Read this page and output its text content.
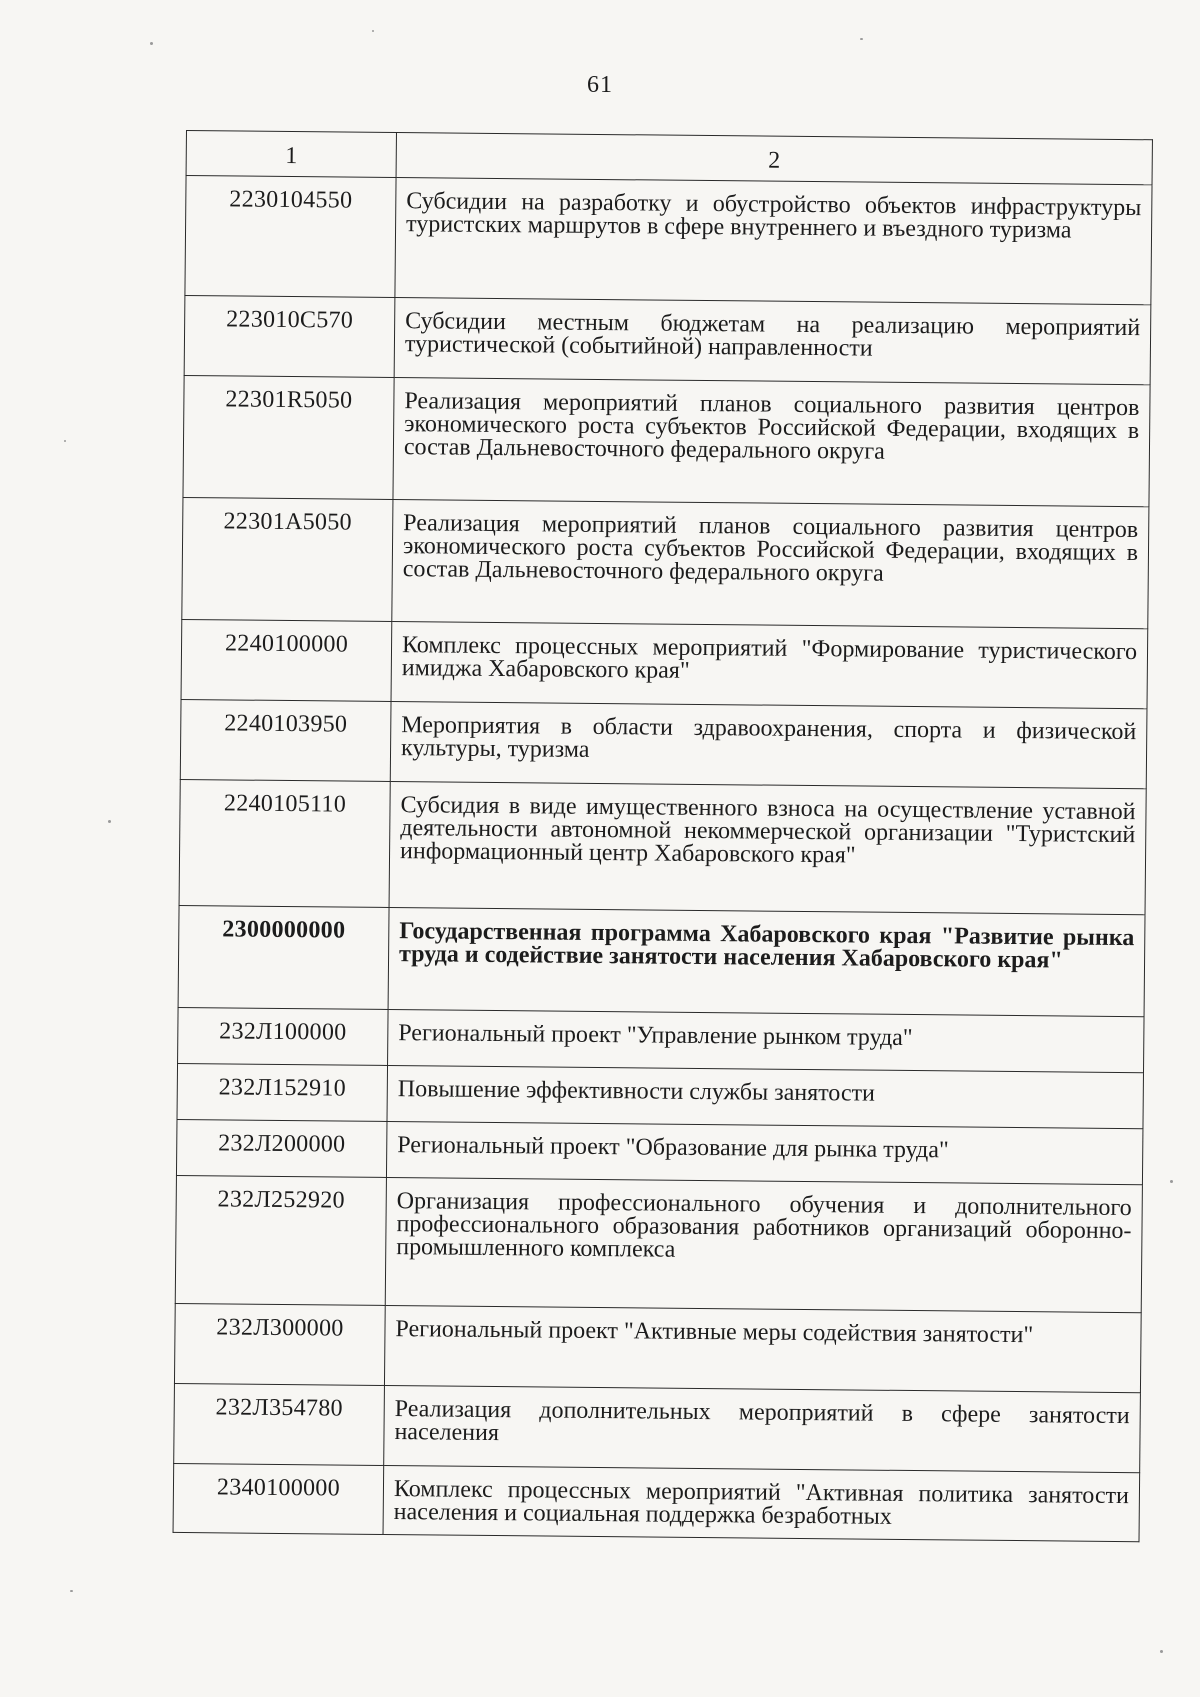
61
1	2
2230104550	Субсидии на разработку и обустройство объектов инфраструктуры туристских маршрутов в сфере внутреннего и въездного туризма
223010С570	Субсидии местным бюджетам на реализацию мероприятий туристической (событийной) направленности
22301R5050	Реализация мероприятий планов социального развития центров экономического роста субъектов Российской Федерации, входящих в состав Дальневосточного федерального округа
22301А5050	Реализация мероприятий планов социального развития центров экономического роста субъектов Российской Федерации, входящих в состав Дальневосточного федерального округа
2240100000	Комплекс процессных мероприятий "Формирование туристического имиджа Хабаровского края"
2240103950	Мероприятия в области здравоохранения, спорта и физической культуры, туризма
2240105110	Субсидия в виде имущественного взноса на осуществление уставной деятельности автономной некоммерческой организации "Туристский информационный центр Хабаровского края"
2300000000	Государственная программа Хабаровского края "Развитие рынка труда и содействие занятости населения Хабаровского края"
232Л100000	Региональный проект "Управление рынком труда"
232Л152910	Повышение эффективности службы занятости
232Л200000	Региональный проект "Образование для рынка труда"
232Л252920	Организация профессионального обучения и дополнительного профессионального образования работников организаций оборонно-промышленного комплекса
232Л300000	Региональный проект "Активные меры содействия занятости"
232Л354780	Реализация дополнительных мероприятий в сфере занятости населения
2340100000	Комплекс процессных мероприятий "Активная политика занятости населения и социальная поддержка безработных
